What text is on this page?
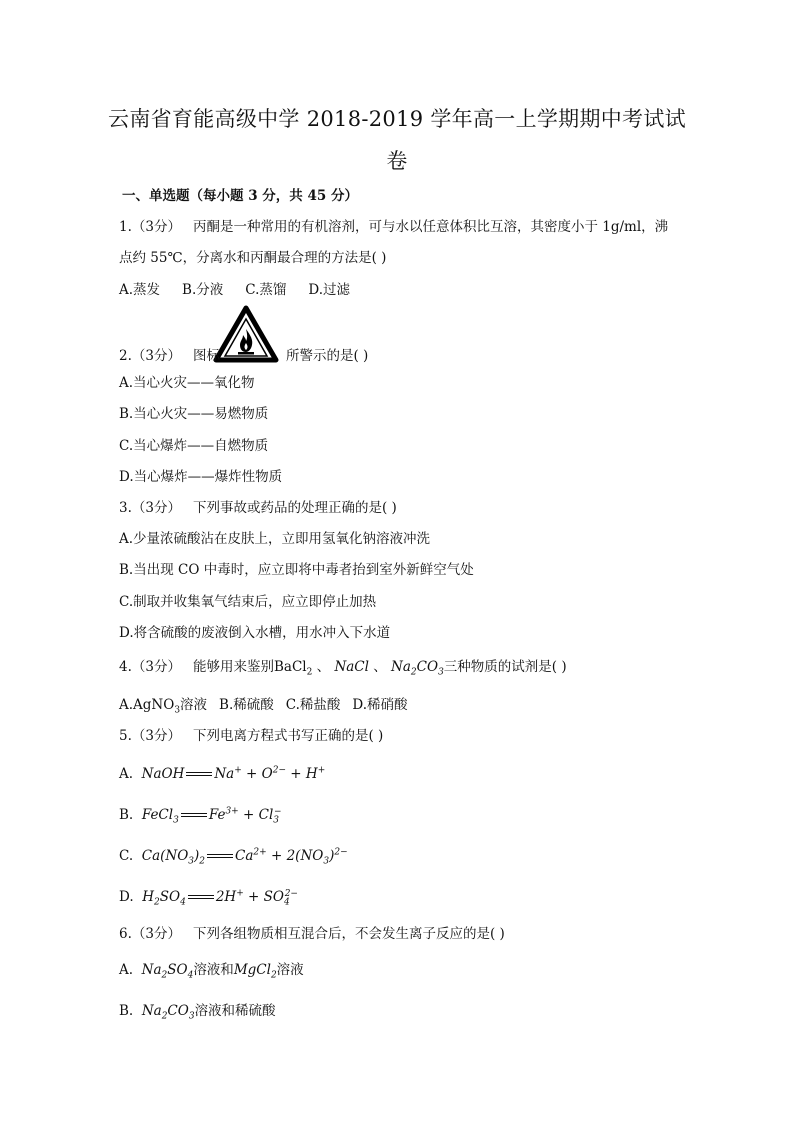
云南省育能高级中学 2018-2019 学年高一上学期期中考试试
卷
一、单选题（每小题 3 分，共 45 分）
1.（3分） 丙酮是一种常用的有机溶剂，可与水以任意体积比互溶，其密度小于 1g/ml，沸
点约 55℃，分离水和丙酮最合理的方法是( )
A.蒸发 B.分液 C.蒸馏 D.过滤
2.（3分） 图标	所警示的是( )
A.当心火灾——氧化物
B.当心火灾——易燃物质
C.当心爆炸——自燃物质
D.当心爆炸——爆炸性物质
3.（3分） 下列事故或药品的处理正确的是( )
A.少量浓硫酸沾在皮肤上，立即用氢氧化钠溶液冲洗
B.当出现 CO 中毒时，应立即将中毒者抬到室外新鲜空气处
C.制取并收集氧气结束后，应立即停止加热
D.将含硫酸的废液倒入水槽，用水冲入下水道
4.（3分） 能够用来鉴别BaCl$_2$ 、 NaCl 、 $Na_2CO_3$三种物质的试剂是( )
A.AgNO$_3$溶液 B.稀硫酸 C.稀盐酸 D.稀硝酸
5.（3分） 下列电离方程式书写正确的是( )
A. NaOH $Na^+ + O^{2-} + H^+$
B. FeCl$_3$ $Fe^{3+} + Cl_3^-$
C. $Ca(NO_3)_2$ $Ca^{2+} + 2(NO_3)^{2-}$
D. $H_2SO_4$ $2H^+ + SO_4^{2-}$
6.（3分） 下列各组物质相互混合后，不会发生离子反应的是( )
A. $Na_2SO_4$溶液和MgCl$_2$溶液
B. $Na_2CO_3$溶液和稀硫酸
